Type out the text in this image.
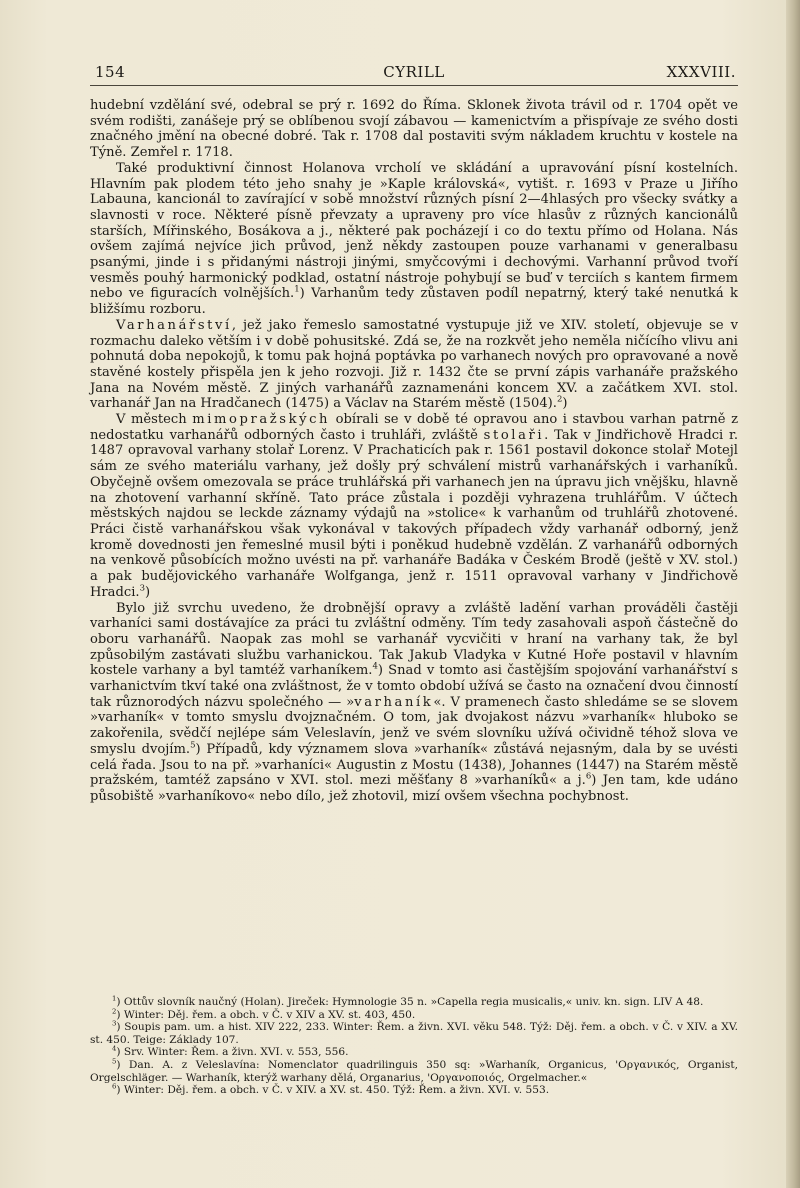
154	CYRILL	XXXVIII.

hudební vzdělání své, odebral se prý r. 1692 do Říma. Sklonek života trávil od r. 1704 opět ve svém rodišti, zanášeje prý se oblíbenou svojí zábavou — kamenictvím a přispívaje ze svého dosti značného jmění na obecné dobré. Tak r. 1708 dal postaviti svým nákladem kruchtu v kostele na Týně. Zemřel r. 1718.

Také produktivní činnost Holanova vrcholí ve skládání a upravování písní kostelních. Hlavním pak plodem této jeho snahy je »Kaple královská«, vytišt. r. 1693 v Praze u Jiřího Labauna, kancionál to zavírající v sobě množství různých písní 2—4hlasých pro všecky svátky a slavnosti v roce. Některé písně převzaty a upraveny pro více hlasův z různých kancionálů starších, Mířinského, Bosákova a j., některé pak pocházejí i co do textu přímo od Holana. Nás ovšem zajímá nejvíce jich průvod, jenž někdy zastoupen pouze varhanami v generalbasu psanými, jinde i s přidanými nástroji jinými, smyčcovými i dechovými. Varhanní průvod tvoří vesměs pouhý harmonický podklad, ostatní nástroje pohybují se buď v terciích s kantem firmem nebo ve figuracích volnějších.$^1$) Varhanům tedy zůstaven podíl nepatrný, který také nenutká k bližšímu rozboru.

Varhanářství, jež jako řemeslo samostatné vystupuje již ve XIV. století, objevuje se v rozmachu daleko větším i v době pohusitské. Zdá se, že na rozkvět jeho neměla ničícího vlivu ani pohnutá doba nepokojů, k tomu pak hojná poptávka po varhanech nových pro opravované a nově stavěné kostely přispěla jen k jeho rozvoji. Již r. 1432 čte se první zápis varhanáře pražského Jana na Novém městě. Z jiných varhanářů zaznamenáni koncem XV. a začátkem XVI. stol. varhanář Jan na Hradčanech (1475) a Václav na Starém městě (1504).$^2$)

V městech mimopražských obírali se v době té opravou ano i stavbou varhan patrně z nedostatku varhanářů odborných často i truhláři, zvláště stolaři. Tak v Jindřichově Hradci r. 1487 opravoval varhany stolař Lorenz. V Prachaticích pak r. 1561 postavil dokonce stolař Motejl sám ze svého materiálu varhany, jež došly prý schválení mistrů varhanářských i varhaníků. Obyčejně ovšem omezovala se práce truhlářská při varhanech jen na úpravu jich vnějšku, hlavně na zhotovení varhanní skříně. Tato práce zůstala i později vyhrazena truhlářům. V účtech městských najdou se leckde záznamy výdajů na »stolice« k varhanům od truhlářů zhotovené. Práci čistě varhanářskou však vykonával v takových případech vždy varhanář odborný, jenž kromě dovednosti jen řemeslné musil býti i poněkud hudebně vzdělán. Z varhanářů odborných na venkově působících možno uvésti na př. varhanáře Badáka v Českém Brodě (ještě v XV. stol.) a pak budějovického varhanáře Wolfganga, jenž r. 1511 opravoval varhany v Jindřichově Hradci.$^3$)

Bylo již svrchu uvedeno, že drobnější opravy a zvláště ladění varhan prováděli častěji varhaníci sami dostávajíce za práci tu zvláštní odměny. Tím tedy zasahovali aspoň částečně do oboru varhanářů. Naopak zas mohl se varhanář vycvičiti v hraní na varhany tak, že byl způsobilým zastávati službu varhanickou. Tak Jakub Vladyka v Kutné Hoře postavil v hlavním kostele varhany a byl tamtéž varhaníkem.$^4$) Snad v tomto asi častějším spojování varhanářství s varhanictvím tkví také ona zvláštnost, že v tomto období užívá se často na označení dvou činností tak různorodých názvu společného — »varhaník«. V pramenech často shledáme se se slovem »varhaník« v tomto smyslu dvojznačném. O tom, jak dvojakost názvu »varhaník« hluboko se zakořenila, svědčí nejlépe sám Veleslavín, jenž ve svém slovníku užívá očividně téhož slova ve smyslu dvojím.$^5$) Případů, kdy významem slova »varhaník« zůstává nejasným, dala by se uvésti celá řada. Jsou to na př. »varhaníci« Augustin z Mostu (1438), Johannes (1447) na Starém městě pražském, tamtéž zapsáno v XVI. stol. mezi měšťany 8 »varhaníků« a j.$^6$) Jen tam, kde udáno působiště »varhaníkovo« nebo dílo, jež zhotovil, mizí ovšem všechna pochybnost.

$^1$) Ottův slovník naučný (Holan). Jireček: Hymnologie 35 n. »Capella regia musicalis,« univ. kn. sign. LIV A 48.

$^2$) Winter: Děj. řem. a obch. v Č. v XIV a XV. st. 403, 450.

$^3$) Soupis pam. um. a hist. XIV 222, 233. Winter: Řem. a živn. XVI. věku 548. Týž: Děj. řem. a obch. v Č. v XIV. a XV. st. 450. Teige: Základy 107.

$^4$) Srv. Winter: Řem. a živn. XVI. v. 553, 556.

$^5$) Dan. A. z Veleslavína: Nomenclator quadrilinguis 350 sq: »Warhaník, Organicus, 'Οργανικός, Organist, Orgelschläger. — Warhaník, kterýž warhany dělá, Organarius, 'Οργανοποιός, Orgelmacher.«

$^6$) Winter: Děj. řem. a obch. v Č. v XIV. a XV. st. 450. Týž: Řem. a živn. XVI. v. 553.
